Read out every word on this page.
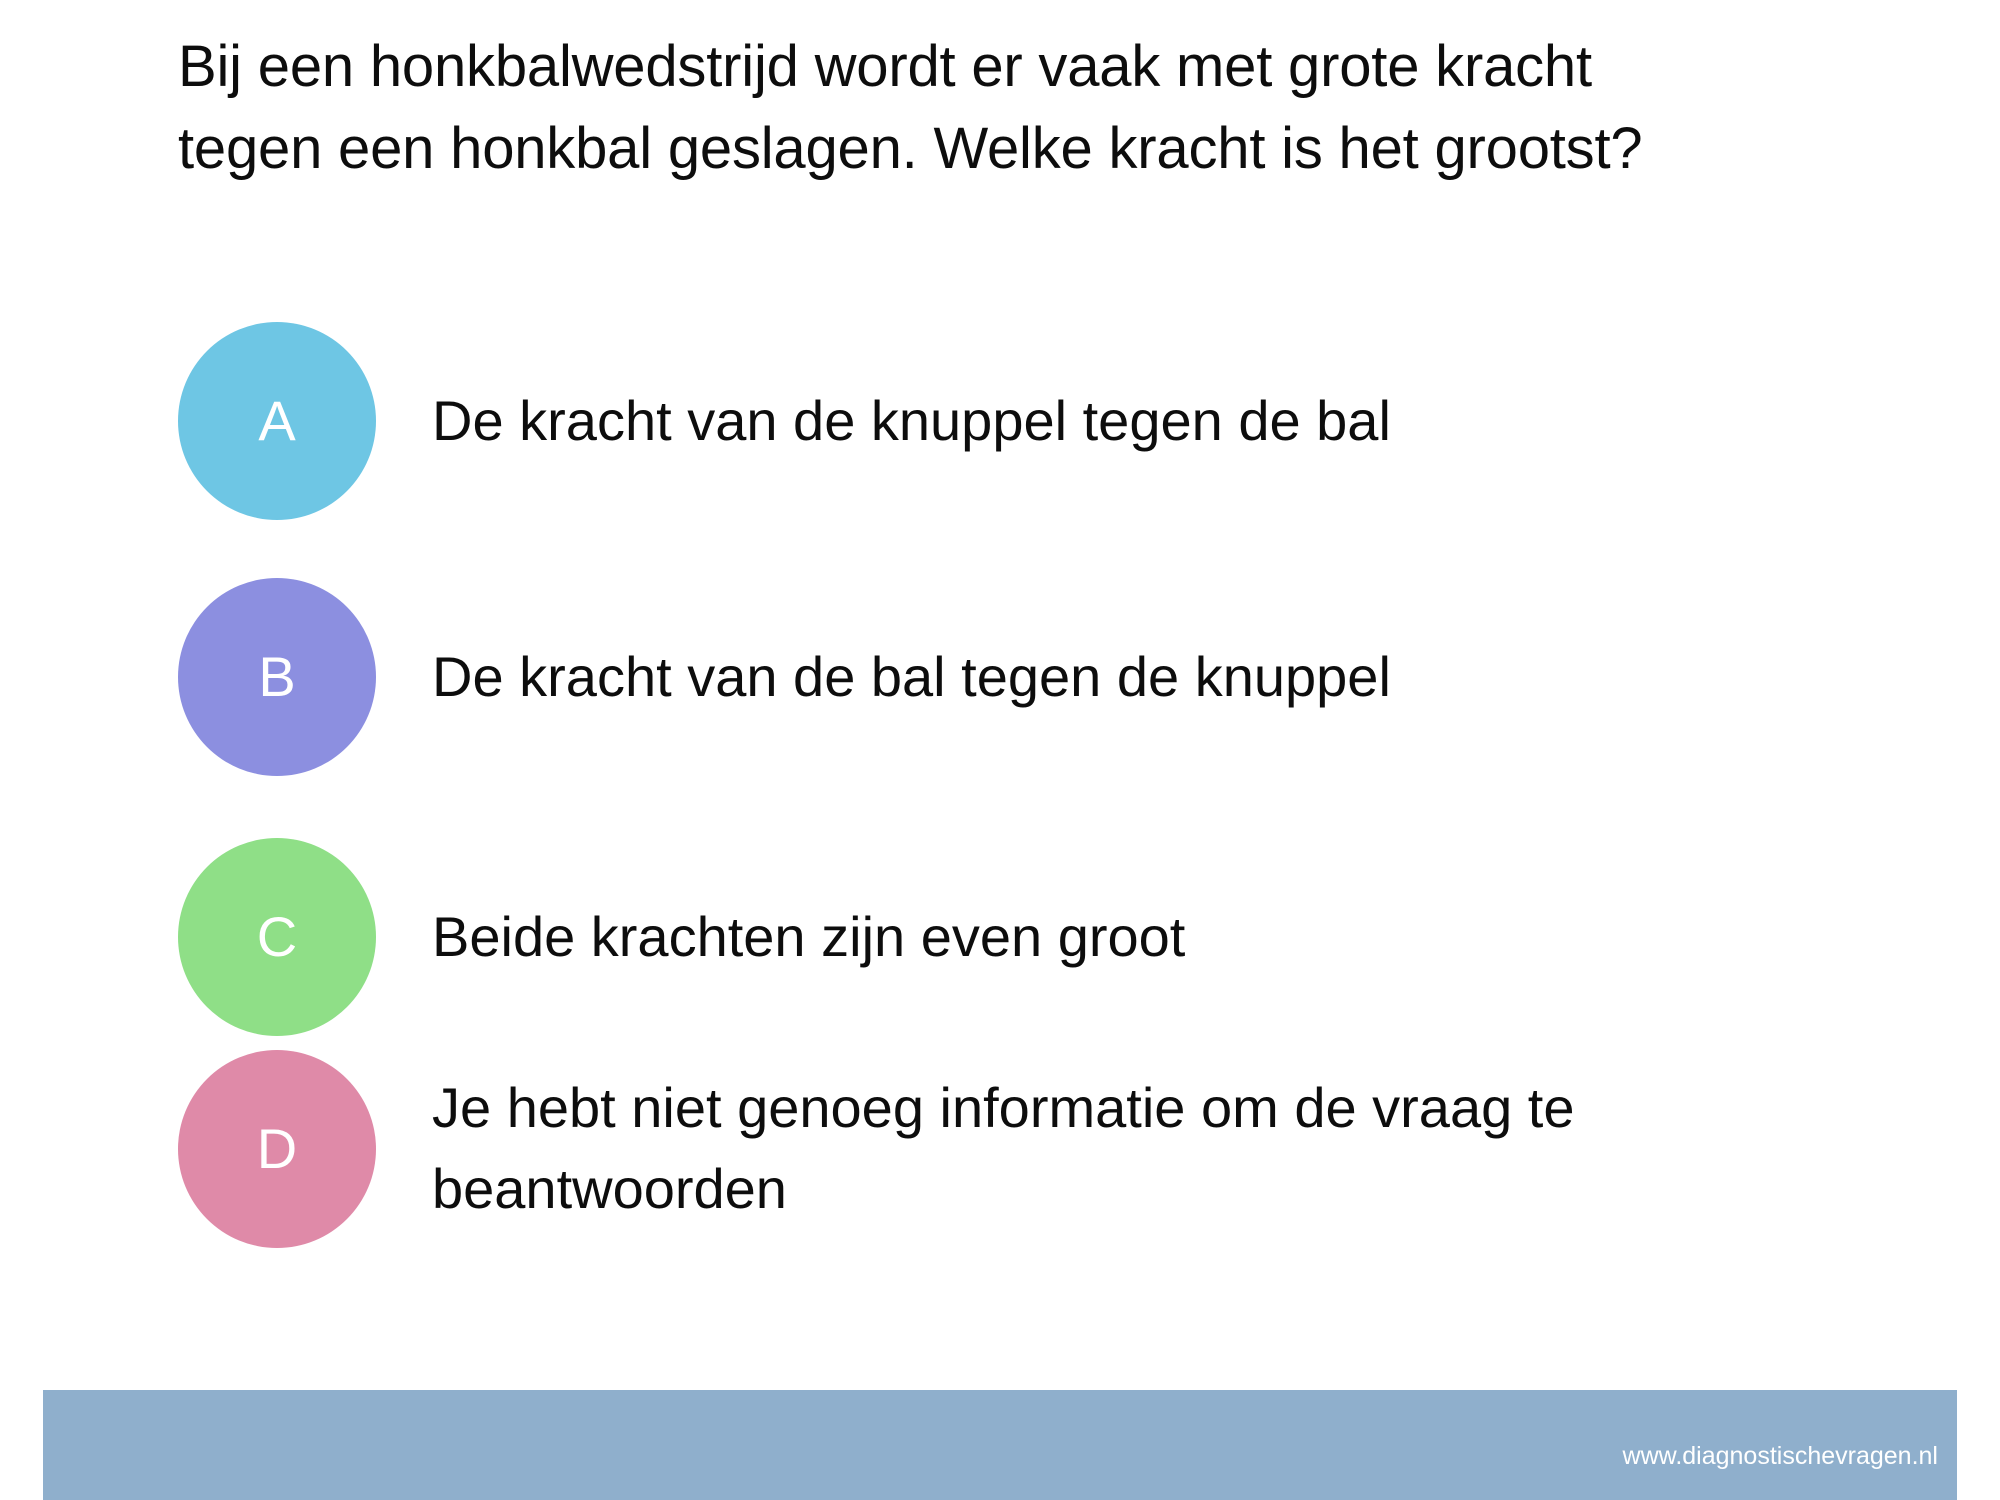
Bij een honkbalwedstrijd wordt er vaak met grote kracht tegen een honkbal geslagen. Welke kracht is het grootst?
A	De kracht van de knuppel tegen de bal
B	De kracht van de bal tegen de knuppel
C	Beide krachten zijn even groot
D
Je hebt niet genoeg informatie om de vraag te beantwoorden
www.diagnostischevragen.nl
